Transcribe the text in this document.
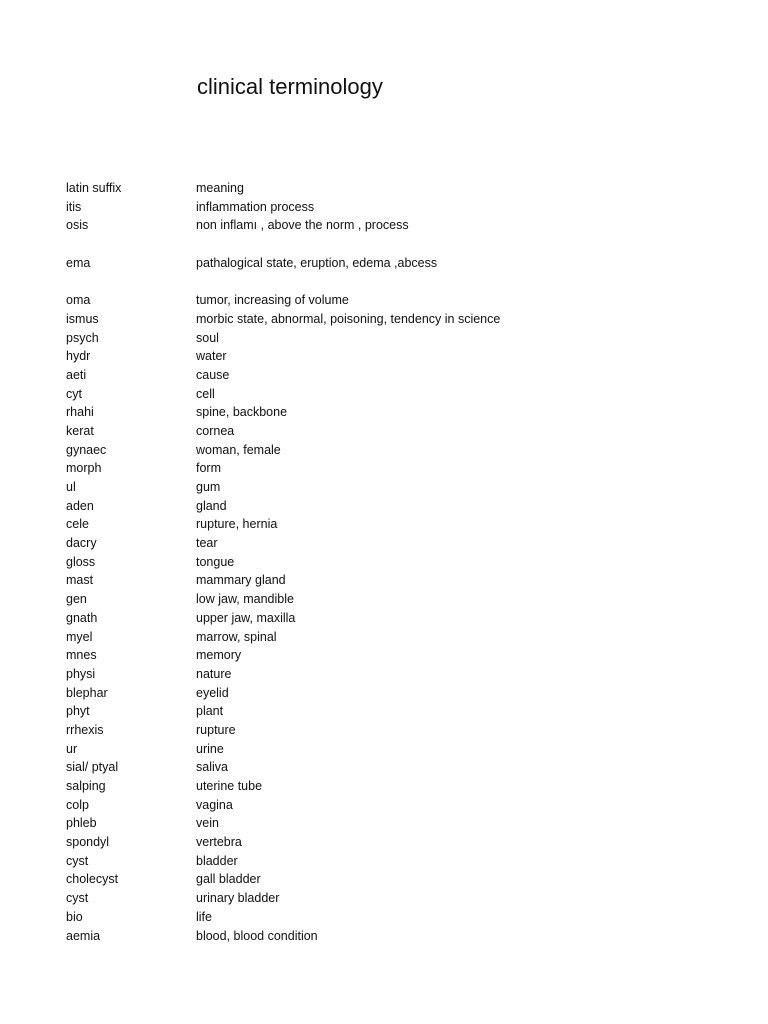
clinical terminology
latin suffix	meaning
itis	inflammation process
osis	non inflamı , above the norm , process
ema	pathalogical state, eruption, edema ,abcess
oma	tumor, increasing of volume
ismus	morbic state, abnormal, poisoning, tendency in science
psych	soul
hydr	water
aeti	cause
cyt	cell
rhahi	spine, backbone
kerat	cornea
gynaec	woman, female
morph	form
ul	gum
aden	gland
cele	rupture, hernia
dacry	tear
gloss	tongue
mast	mammary gland
gen	low jaw, mandible
gnath	upper jaw, maxilla
myel	marrow, spinal
mnes	memory
physi	nature
blephar	eyelid
phyt	plant
rrhexis	rupture
ur	urine
sial/ ptyal	saliva
salping	uterine tube
colp	vagina
phleb	vein
spondyl	vertebra
cyst	bladder
cholecyst	gall bladder
cyst	urinary bladder
bio	life
aemia	blood, blood condition
